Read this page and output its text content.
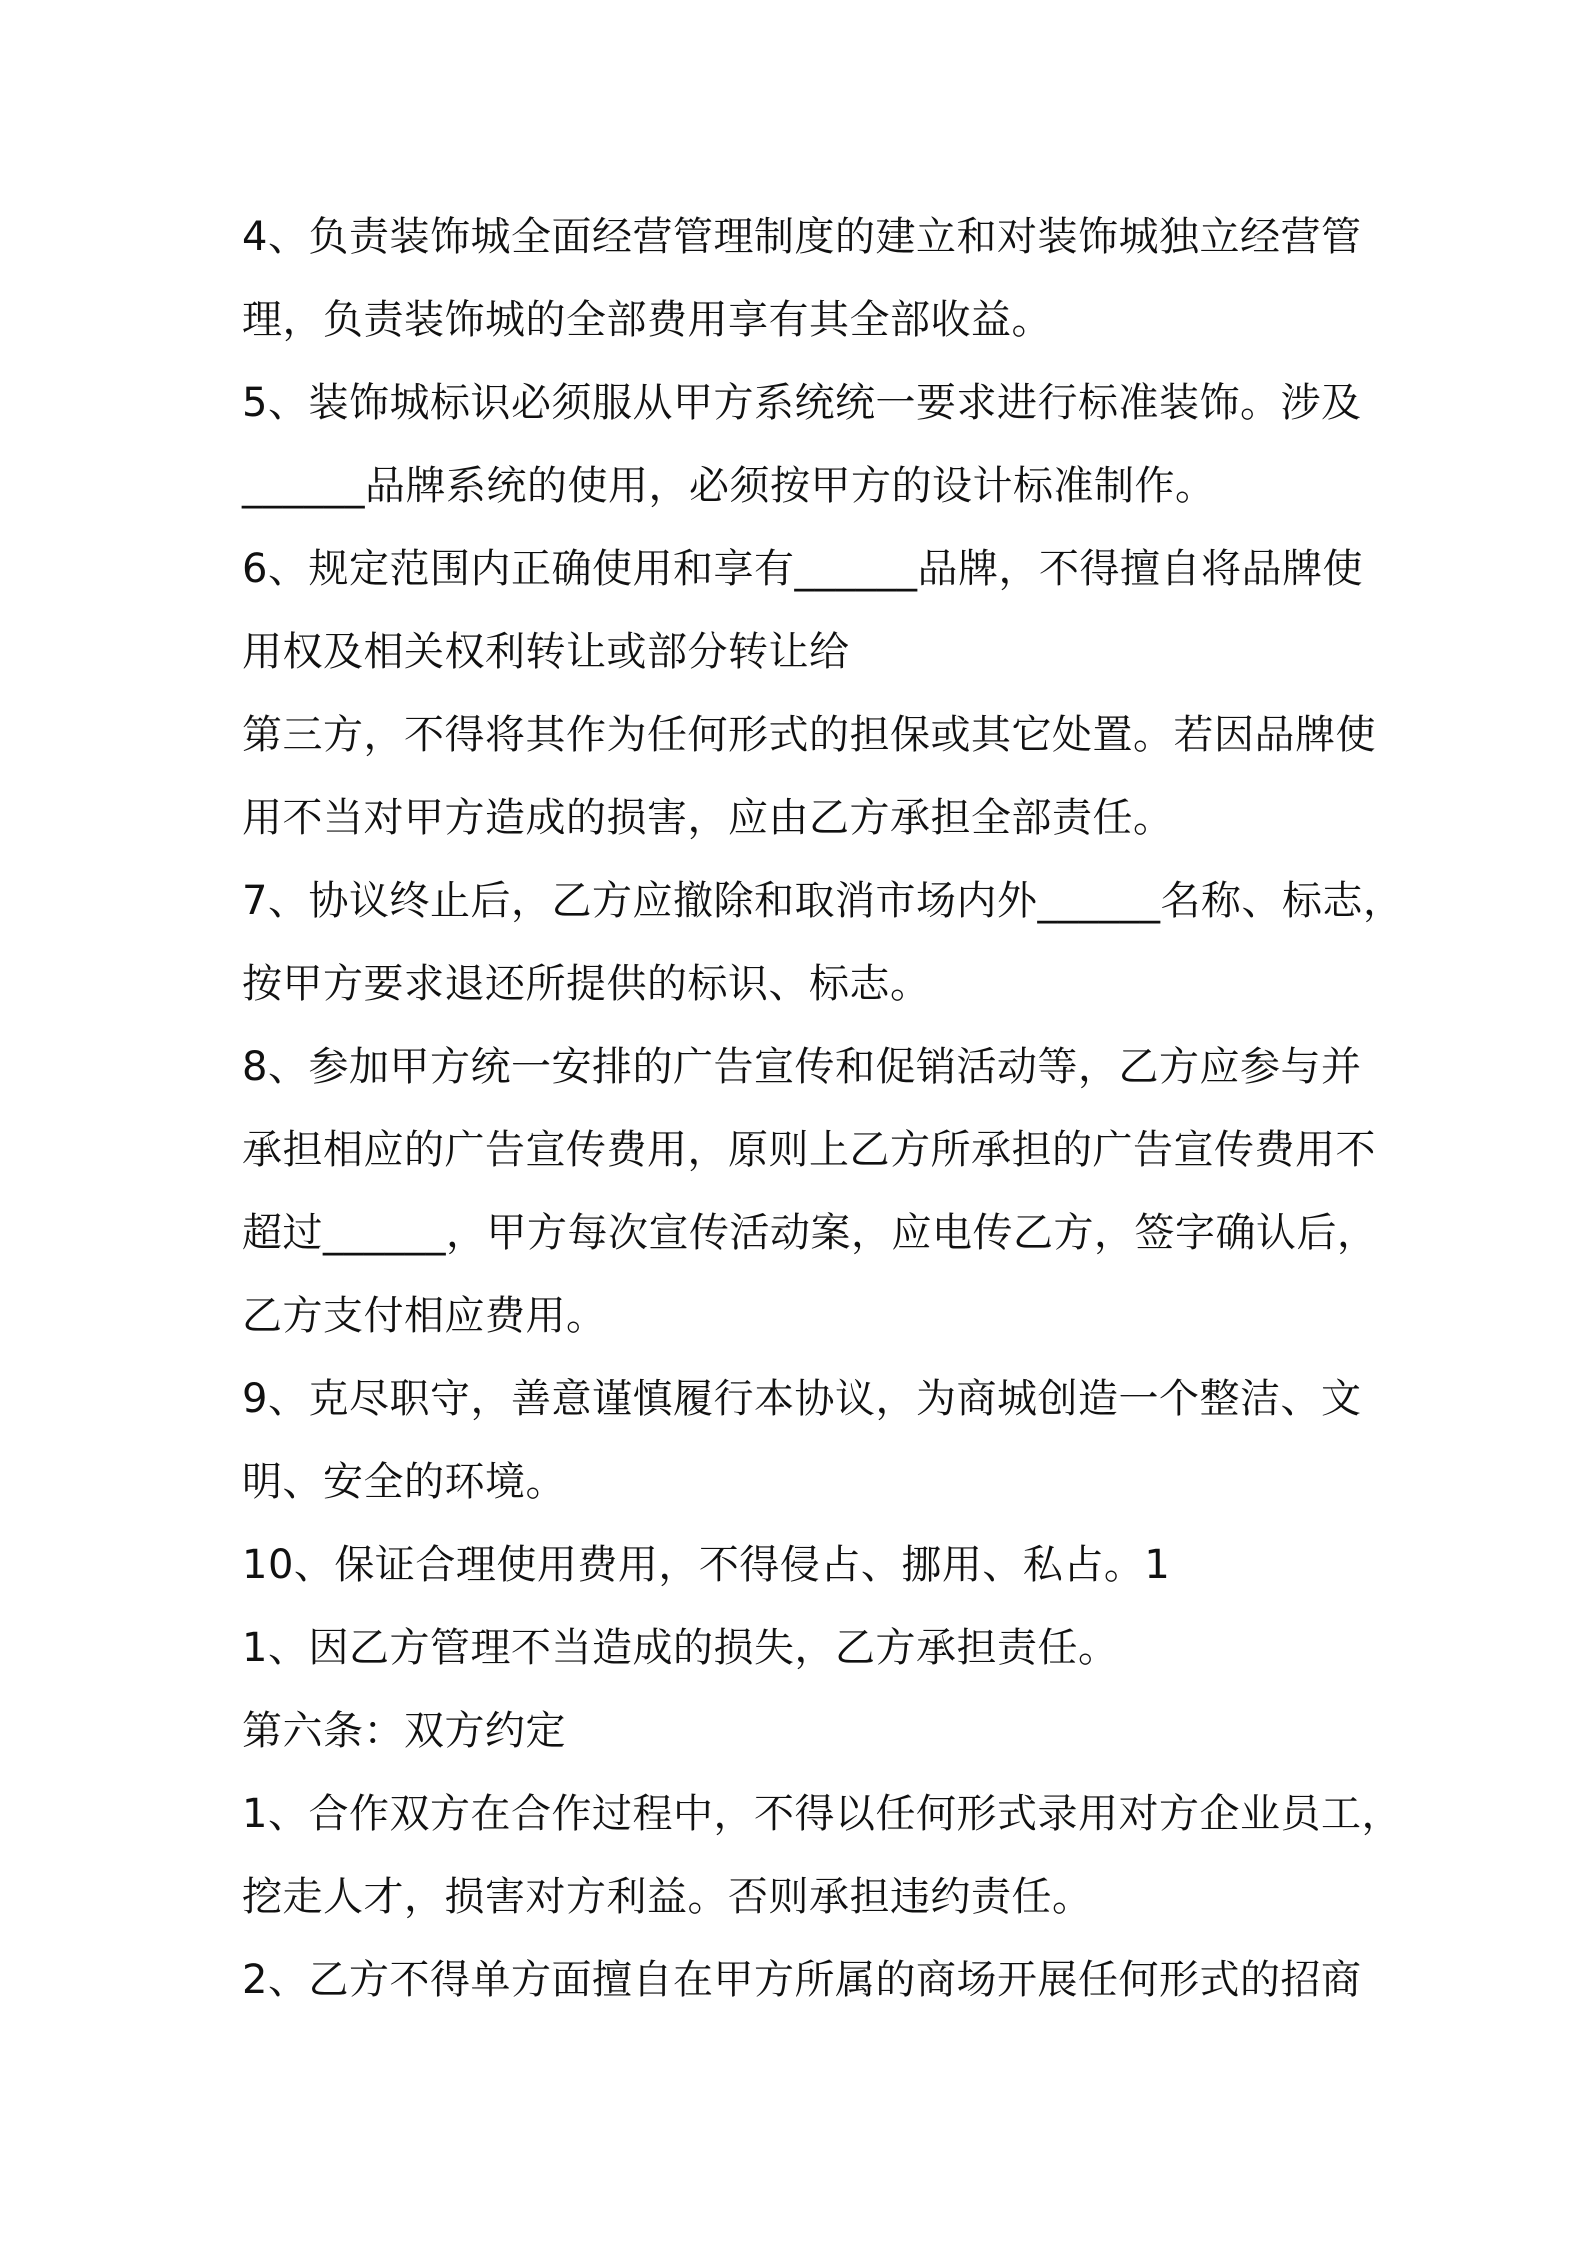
4、负责装饰城全面经营管理制度的建立和对装饰城独立经营管
理，负责装饰城的全部费用享有其全部收益。
5、装饰城标识必须服从甲方系统统一要求进行标准装饰。涉及
______品牌系统的使用，必须按甲方的设计标准制作。
6、规定范围内正确使用和享有______品牌，不得擅自将品牌使
用权及相关权利转让或部分转让给
第三方，不得将其作为任何形式的担保或其它处置。若因品牌使
用不当对甲方造成的损害，应由乙方承担全部责任。
7、协议终止后，乙方应撤除和取消市场内外______名称、标志，
按甲方要求退还所提供的标识、标志。
8、参加甲方统一安排的广告宣传和促销活动等，乙方应参与并
承担相应的广告宣传费用，原则上乙方所承担的广告宣传费用不
超过______，甲方每次宣传活动案，应电传乙方，签字确认后，
乙方支付相应费用。
9、克尽职守，善意谨慎履行本协议，为商城创造一个整洁、文
明、安全的环境。
10、保证合理使用费用，不得侵占、挪用、私占。1
1、因乙方管理不当造成的损失，乙方承担责任。
第六条：双方约定
1、合作双方在合作过程中，不得以任何形式录用对方企业员工，
挖走人才，损害对方利益。否则承担违约责任。
2、乙方不得单方面擅自在甲方所属的商场开展任何形式的招商
